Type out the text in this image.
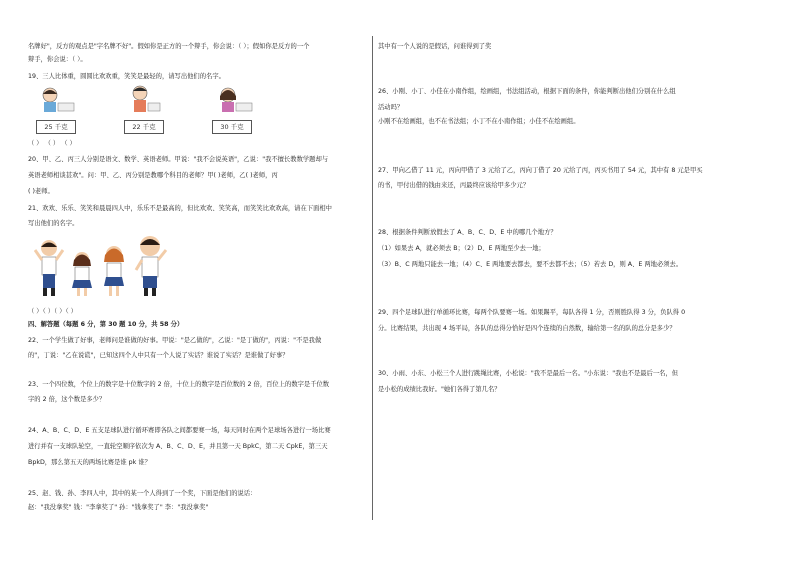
名牌好"，反方的观点是"字名牌不好"。假如你是正方的一个辩手，你会说：（ ）；假如你是反方的一个
辩手，你会说：（ ）。
19、三人比体重，圆圆比欢欢重，笑笑是最轻的，请写出他们的名字。
25 千克	22 千克	30 千克
（ ） （ ） （ ）
20、甲、乙、丙三人分别是语文、数学、英语老师。甲说："我不会说英语"，乙说："我不擅长教数学题却与
英语老师相谈甚欢"。问：甲、乙、丙分别是教哪个科目的老师？甲( )老师，乙( )老师，丙
( )老师。
21、欢欢、乐乐、笑笑和晨晨四人中，乐乐不是最高的，但比欢欢、笑笑高，而笑笑比欢欢高，请在下面相中
写出他们的名字。
（ ）（ ）（ ）（ ）
四、解答题（每题 6 分，第 30 题 10 分，共 58 分）
22、一个学生做了好事，老师问是谁做的好事。甲说："是乙做的"，乙说："是丁做的"，丙说："不是我做
的"，丁说："乙在说谎"，已知这四个人中只有一个人说了实话？谁说了实话？是谁做了好事？
23、一个四位数，个位上的数字是十位数字的 2 倍，十位上的数字是百位数的 2 倍，百位上的数字是千位数
字的 2 倍，这个数是多少？
24、A、B、C、D、E 五支足球队进行循环赛即各队之间都要赛一场，每天同时在两个足球场各进行一场比赛
进行并有一支球队轮空，一直轮空顺序依次为 A、B、C、D、E，并且第一天 BpkC，第二天 CpkE，第三天
BpkD，那么第五天的两场比赛是谁 pk 谁？
25、赵、钱、孙、李四人中，其中的某一个人得到了一个奖，下面是他们的说话：
赵："我没拿奖" 钱："李拿奖了" 孙："钱拿奖了" 李："我没拿奖"
其中有一个人说的是假话，问谁得到了奖
26、小刚、小丁、小佳在小南作组，绘画组，书法组活动，根据下面的条件，你能判断出他们分别在什么组
活动吗？
小刚不在绘画组，也不在书法组；小丁不在小南作组；小佳不在绘画组。
27、甲向乙借了 11 元，丙向甲借了 3 元给了乙，丙向丁借了 20 元给了丙，丙买书用了 54 元，其中有 8 元是甲买
的书，甲付出借的钱由来还，丙最终应该给甲多少元？
28、根据条件判断放假去了 A、B、C、D、E 中的哪几个地方？
（1）如果去 A，就必须去 B；（2）D、E 两地至少去一地；
（3）B、C 两地只能去一地；（4）C、E 两地要去都去，要不去都不去；（5）若去 D，则 A、E 两地必须去。
29、四个足球队进行单循环比赛，每两个队要赛一场。如果踢平，每队各得 1 分，否则胜队得 3 分，负队得 0
分。比赛结果，共出现 4 场平局，各队的总得分恰好是四个连续的自然数，输给第一名的队的总分是多少？
30、小雨、小东、小松三个人进行跳绳比赛，小松说："我不是最后一名。"小东说："我也不是最后一名，但
是小松的成绩比我好。"她们各得了第几名？
